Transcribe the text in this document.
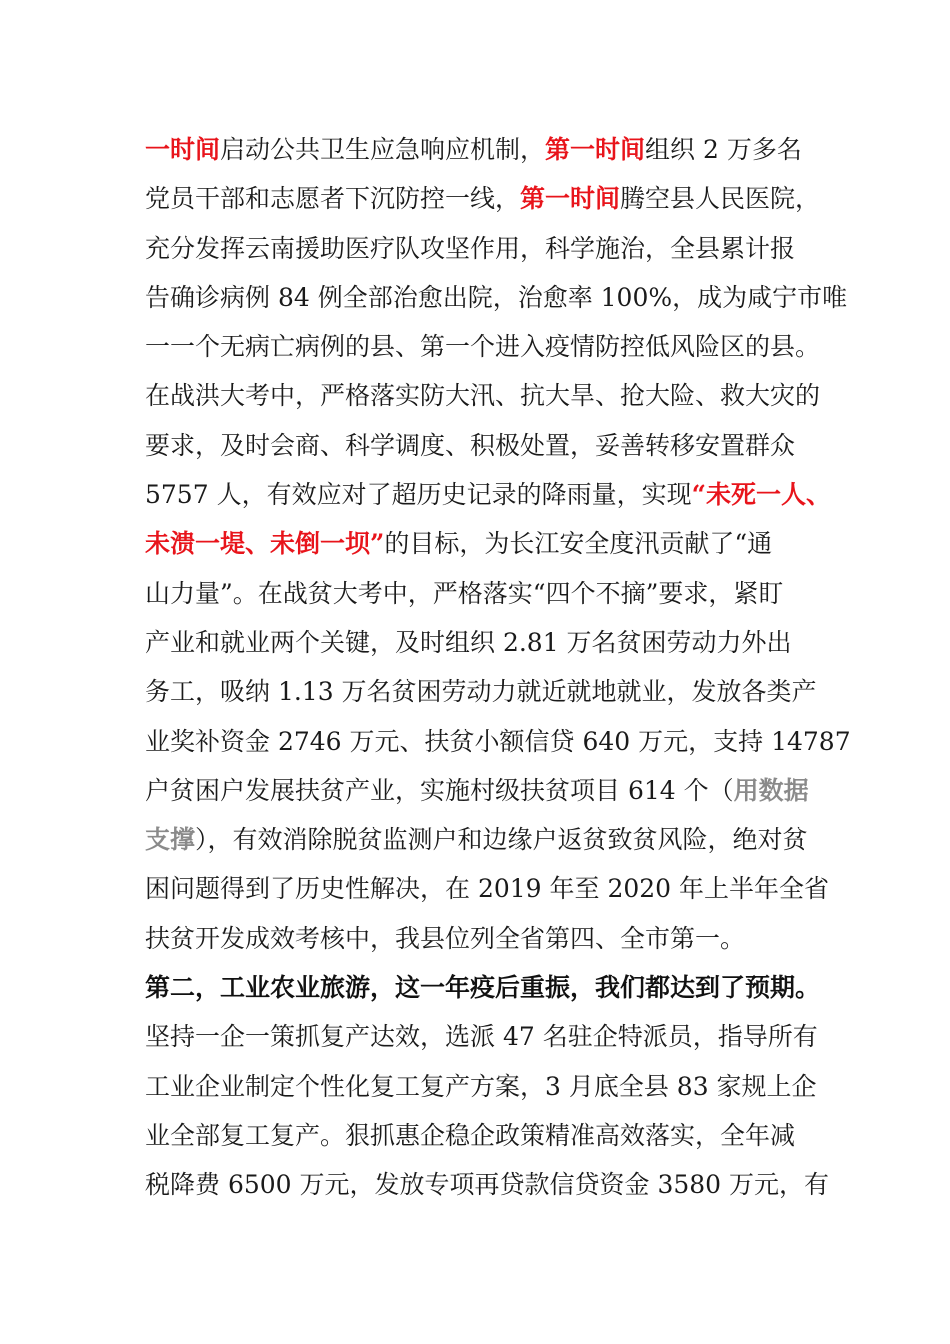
一时间启动公共卫生应急响应机制，第一时间组织 2 万多名
党员干部和志愿者下沉防控一线，第一时间腾空县人民医院，
充分发挥云南援助医疗队攻坚作用，科学施治，全县累计报
告确诊病例 84 例全部治愈出院，治愈率 100%，成为咸宁市唯
一一个无病亡病例的县、第一个进入疫情防控低风险区的县。
在战洪大考中，严格落实防大汛、抗大旱、抢大险、救大灾的
要求，及时会商、科学调度、积极处置，妥善转移安置群众
5757 人，有效应对了超历史记录的降雨量，实现“未死一人、
未溃一堤、未倒一坝”的目标，为长江安全度汛贡献了“通
山力量”。在战贫大考中，严格落实“四个不摘”要求，紧盯
产业和就业两个关键，及时组织 2.81 万名贫困劳动力外出
务工，吸纳 1.13 万名贫困劳动力就近就地就业，发放各类产
业奖补资金 2746 万元、扶贫小额信贷 640 万元，支持 14787
户贫困户发展扶贫产业，实施村级扶贫项目 614 个（用数据
支撑），有效消除脱贫监测户和边缘户返贫致贫风险，绝对贫
困问题得到了历史性解决，在 2019 年至 2020 年上半年全省
扶贫开发成效考核中，我县位列全省第四、全市第一。
第二，工业农业旅游，这一年疫后重振，我们都达到了预期。
坚持一企一策抓复产达效，选派 47 名驻企特派员，指导所有
工业企业制定个性化复工复产方案，3 月底全县 83 家规上企
业全部复工复产。狠抓惠企稳企政策精准高效落实，全年减
税降费 6500 万元，发放专项再贷款信贷资金 3580 万元，有
